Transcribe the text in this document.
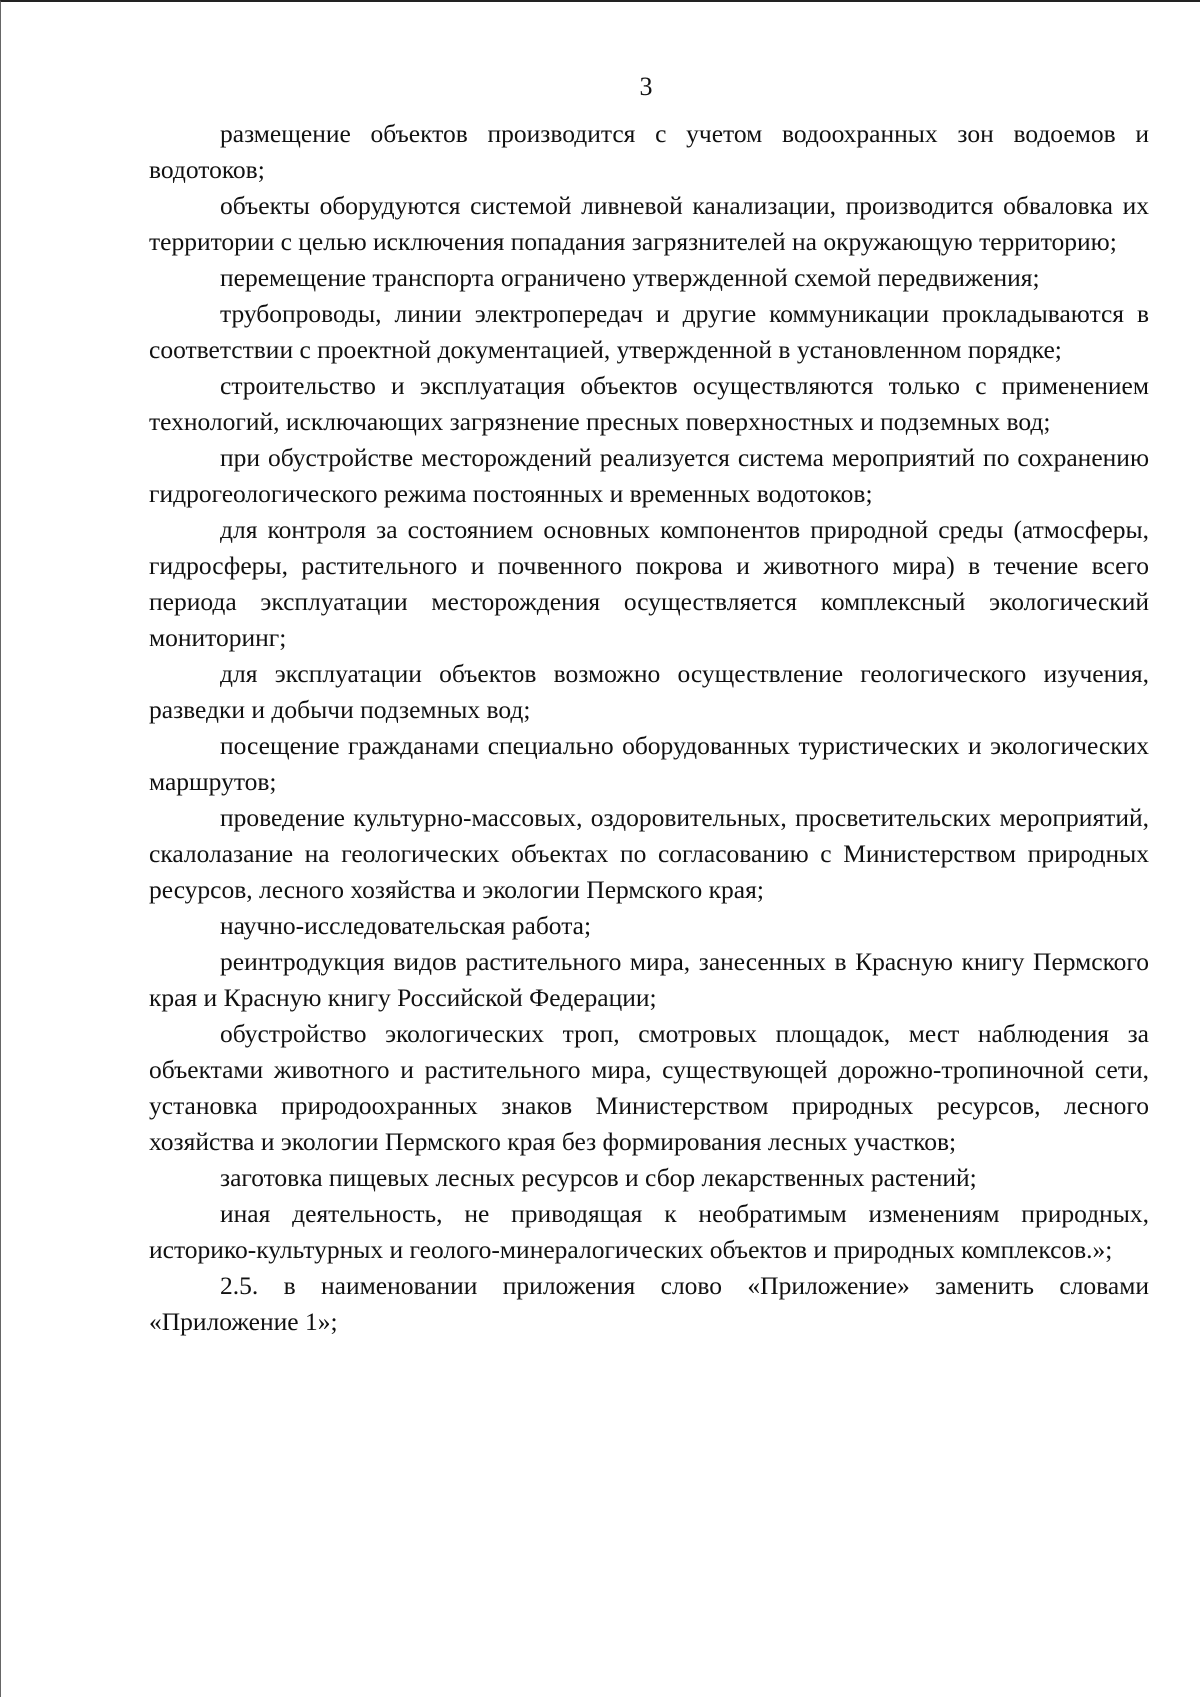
3

размещение объектов производится с учетом водоохранных зон водоемов и водотоков;

объекты оборудуются системой ливневой канализации, производится обваловка их территории с целью исключения попадания загрязнителей на окружающую территорию;

перемещение транспорта ограничено утвержденной схемой передвижения;

трубопроводы, линии электропередач и другие коммуникации прокладываются в соответствии с проектной документацией, утвержденной в установленном порядке;

строительство и эксплуатация объектов осуществляются только с применением технологий, исключающих загрязнение пресных поверхностных и подземных вод;

при обустройстве месторождений реализуется система мероприятий по сохранению гидрогеологического режима постоянных и временных водотоков;

для контроля за состоянием основных компонентов природной среды (атмосферы, гидросферы, растительного и почвенного покрова и животного мира) в течение всего периода эксплуатации месторождения осуществляется комплексный экологический мониторинг;

для эксплуатации объектов возможно осуществление геологического изучения, разведки и добычи подземных вод;

посещение гражданами специально оборудованных туристических и экологических маршрутов;

проведение культурно-массовых, оздоровительных, просветительских мероприятий, скалолазание на геологических объектах по согласованию с Министерством природных ресурсов, лесного хозяйства и экологии Пермского края;

научно-исследовательская работа;

реинтродукция видов растительного мира, занесенных в Красную книгу Пермского края и Красную книгу Российской Федерации;

обустройство экологических троп, смотровых площадок, мест наблюдения за объектами животного и растительного мира, существующей дорожно-тропиночной сети, установка природоохранных знаков Министерством природных ресурсов, лесного хозяйства и экологии Пермского края без формирования лесных участков;

заготовка пищевых лесных ресурсов и сбор лекарственных растений;

иная деятельность, не приводящая к необратимым изменениям природных, историко-культурных и геолого-минералогических объектов и природных комплексов.»;

2.5. в наименовании приложения слово «Приложение» заменить словами «Приложение 1»;
